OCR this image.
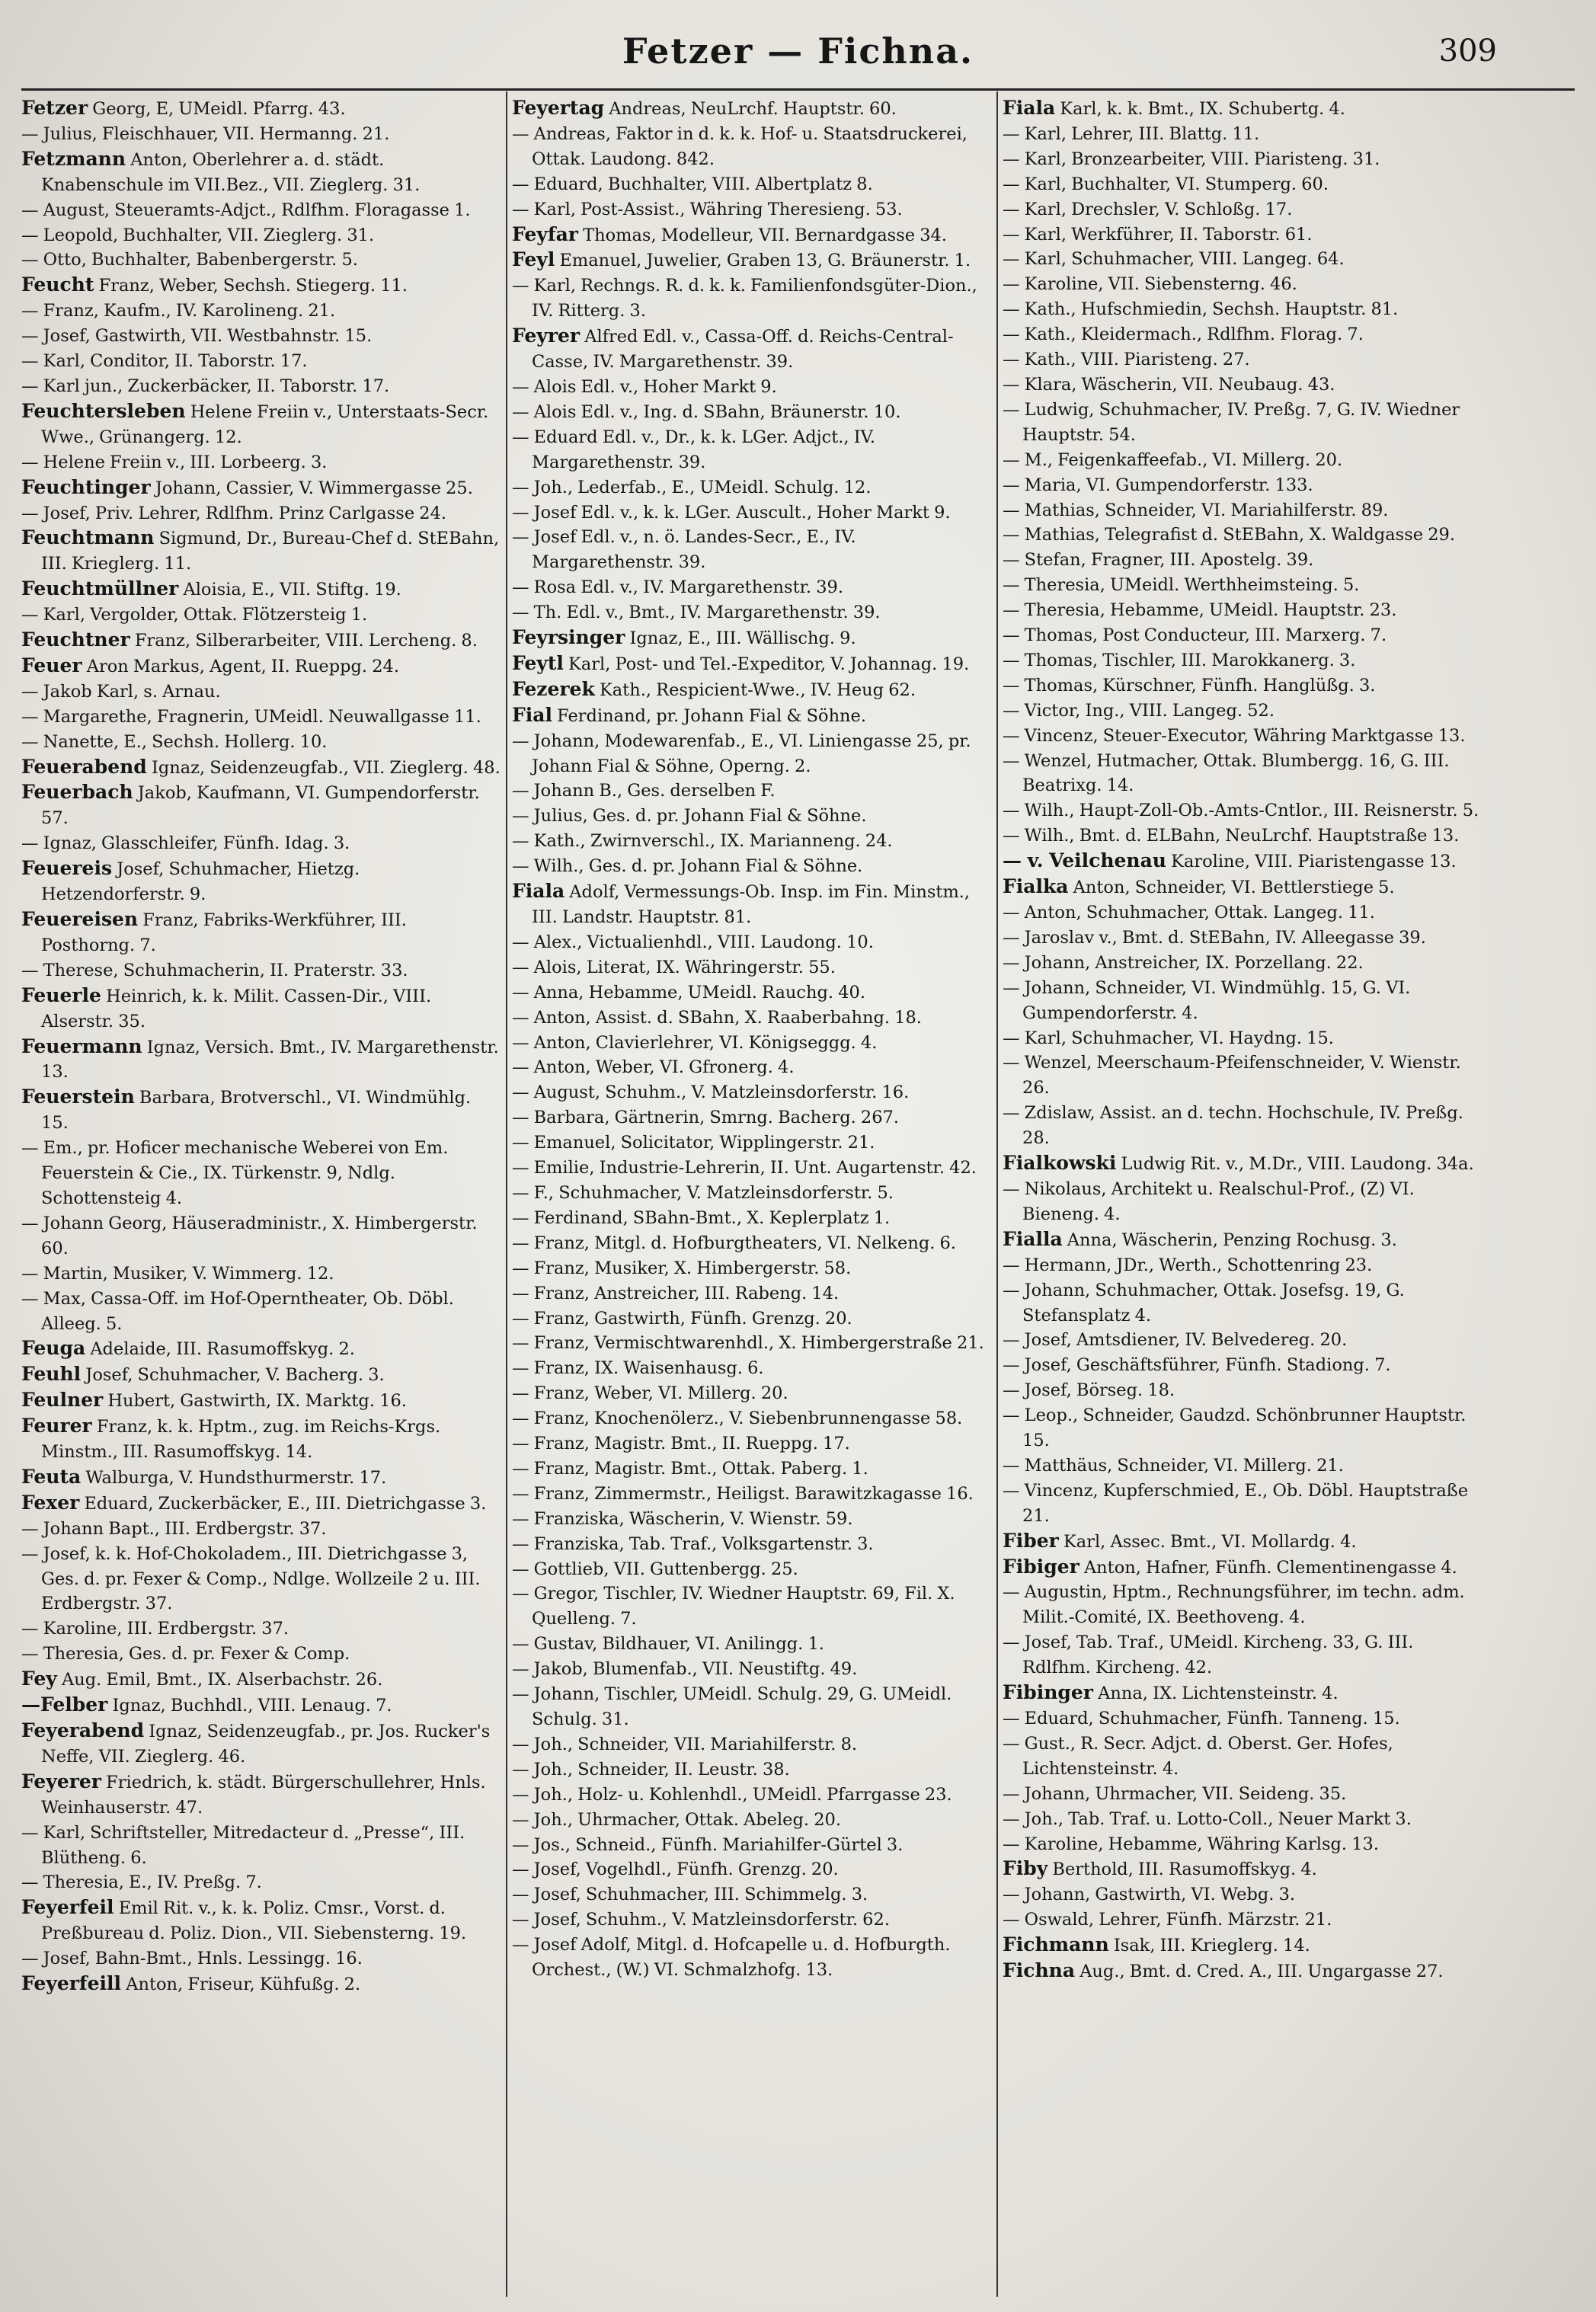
Fetzer — Fichna.	309
Fetzer Georg, E, UMeidl. Pfarrg. 43.
— Julius, Fleischhauer, VII. Hermanng. 21.
Fetzmann Anton, Oberlehrer a. d. städt. Knabenschule im VII.Bez., VII. Zieglerg. 31.
— August, Steueramts-Adjct., Rdlfhm. Floragasse 1.
— Leopold, Buchhalter, VII. Zieglerg. 31.
— Otto, Buchhalter, Babenbergerstr. 5.
Feucht Franz, Weber, Sechsh. Stiegerg. 11.
— Franz, Kaufm., IV. Karolineng. 21.
— Josef, Gastwirth, VII. Westbahnstr. 15.
— Karl, Conditor, II. Taborstr. 17.
— Karl jun., Zuckerbäcker, II. Taborstr. 17.
Feuchtersleben Helene Freiin v., Unterstaats-Secr. Wwe., Grünangerg. 12.
— Helene Freiin v., III. Lorbeerg. 3.
Feuchtinger Johann, Cassier, V. Wimmergasse 25.
— Josef, Priv. Lehrer, Rdlfhm. Prinz Carlgasse 24.
Feuchtmann Sigmund, Dr., Bureau-Chef d. StEBahn, III. Krieglerg. 11.
Feuchtmüllner Aloisia, E., VII. Stiftg. 19.
— Karl, Vergolder, Ottak. Flötzersteig 1.
Feuchtner Franz, Silberarbeiter, VIII. Lercheng. 8.
Feuer Aron Markus, Agent, II. Rueppg. 24.
— Jakob Karl, s. Arnau.
— Margarethe, Fragnerin, UMeidl. Neuwallgasse 11.
— Nanette, E., Sechsh. Hollerg. 10.
Feuerabend Ignaz, Seidenzeugfab., VII. Zieglerg. 48.
Feuerbach Jakob, Kaufmann, VI. Gumpendorferstr. 57.
— Ignaz, Glasschleifer, Fünfh. Idag. 3.
Feuereis Josef, Schuhmacher, Hietzg. Hetzendorferstr. 9.
Feuereisen Franz, Fabriks-Werkführer, III. Posthorng. 7.
— Therese, Schuhmacherin, II. Praterstr. 33.
Feuerle Heinrich, k. k. Milit. Cassen-Dir., VIII. Alserstr. 35.
Feuermann Ignaz, Versich. Bmt., IV. Margarethenstr. 13.
Feuerstein Barbara, Brotverschl., VI. Windmühlg. 15.
— Em., pr. Hoficer mechanische Weberei von Em. Feuerstein & Cie., IX. Türkenstr. 9, Ndlg. Schottensteig 4.
— Johann Georg, Häuseradministr., X. Himbergerstr. 60.
— Martin, Musiker, V. Wimmerg. 12.
— Max, Cassa-Off. im Hof-Operntheater, Ob. Döbl. Alleeg. 5.
Feuga Adelaide, III. Rasumoffskyg. 2.
Feuhl Josef, Schuhmacher, V. Bacherg. 3.
Feulner Hubert, Gastwirth, IX. Marktg. 16.
Feurer Franz, k. k. Hptm., zug. im Reichs-Krgs. Minstm., III. Rasumoffskyg. 14.
Feuta Walburga, V. Hundsthurmerstr. 17.
Fexer Eduard, Zuckerbäcker, E., III. Dietrichgasse 3.
— Johann Bapt., III. Erdbergstr. 37.
— Josef, k. k. Hof-Chokoladem., III. Dietrichgasse 3, Ges. d. pr. Fexer & Comp., Ndlge. Wollzeile 2 u. III. Erdbergstr. 37.
— Karoline, III. Erdbergstr. 37.
— Theresia, Ges. d. pr. Fexer & Comp.
Fey Aug. Emil, Bmt., IX. Alserbachstr. 26.
—Felber Ignaz, Buchhdl., VIII. Lenaug. 7.
Feyerabend Ignaz, Seidenzeugfab., pr. Jos. Rucker's Neffe, VII. Zieglerg. 46.
Feyerer Friedrich, k. städt. Bürgerschullehrer, Hnls. Weinhauserstr. 47.
— Karl, Schriftsteller, Mitredacteur d. „Presse“, III. Blütheng. 6.
— Theresia, E., IV. Preßg. 7.
Feyerfeil Emil Rit. v., k. k. Poliz. Cmsr., Vorst. d. Preßbureau d. Poliz. Dion., VII. Siebensterng. 19.
— Josef, Bahn-Bmt., Hnls. Lessingg. 16.
Feyerfeill Anton, Friseur, Kühfußg. 2.
Feyertag Andreas, NeuLrchf. Hauptstr. 60.
— Andreas, Faktor in d. k. k. Hof- u. Staatsdruckerei, Ottak. Laudong. 842.
— Eduard, Buchhalter, VIII. Albertplatz 8.
— Karl, Post-Assist., Währing Theresieng. 53.
Feyfar Thomas, Modelleur, VII. Bernardgasse 34.
Feyl Emanuel, Juwelier, Graben 13, G. Bräunerstr. 1.
— Karl, Rechngs. R. d. k. k. Familienfondsgüter-Dion., IV. Ritterg. 3.
Feyrer Alfred Edl. v., Cassa-Off. d. Reichs-Central-Casse, IV. Margarethenstr. 39.
— Alois Edl. v., Hoher Markt 9.
— Alois Edl. v., Ing. d. SBahn, Bräunerstr. 10.
— Eduard Edl. v., Dr., k. k. LGer. Adjct., IV. Margarethenstr. 39.
— Joh., Lederfab., E., UMeidl. Schulg. 12.
— Josef Edl. v., k. k. LGer. Auscult., Hoher Markt 9.
— Josef Edl. v., n. ö. Landes-Secr., E., IV. Margarethenstr. 39.
— Rosa Edl. v., IV. Margarethenstr. 39.
— Th. Edl. v., Bmt., IV. Margarethenstr. 39.
Feyrsinger Ignaz, E., III. Wällischg. 9.
Feytl Karl, Post- und Tel.-Expeditor, V. Johannag. 19.
Fezerek Kath., Respicient-Wwe., IV. Heug 62.
Fial Ferdinand, pr. Johann Fial & Söhne.
— Johann, Modewarenfab., E., VI. Liniengasse 25, pr. Johann Fial & Söhne, Operng. 2.
— Johann B., Ges. derselben F.
— Julius, Ges. d. pr. Johann Fial & Söhne.
— Kath., Zwirnverschl., IX. Marianneng. 24.
— Wilh., Ges. d. pr. Johann Fial & Söhne.
Fiala Adolf, Vermessungs-Ob. Insp. im Fin. Minstm., III. Landstr. Hauptstr. 81.
— Alex., Victualienhdl., VIII. Laudong. 10.
— Alois, Literat, IX. Währingerstr. 55.
— Anna, Hebamme, UMeidl. Rauchg. 40.
— Anton, Assist. d. SBahn, X. Raaberbahng. 18.
— Anton, Clavierlehrer, VI. Königseggg. 4.
— Anton, Weber, VI. Gfronerg. 4.
— August, Schuhm., V. Matzleinsdorferstr. 16.
— Barbara, Gärtnerin, Smrng. Bacherg. 267.
— Emanuel, Solicitator, Wipplingerstr. 21.
— Emilie, Industrie-Lehrerin, II. Unt. Augartenstr. 42.
— F., Schuhmacher, V. Matzleinsdorferstr. 5.
— Ferdinand, SBahn-Bmt., X. Keplerplatz 1.
— Franz, Mitgl. d. Hofburgtheaters, VI. Nelkeng. 6.
— Franz, Musiker, X. Himbergerstr. 58.
— Franz, Anstreicher, III. Rabeng. 14.
— Franz, Gastwirth, Fünfh. Grenzg. 20.
— Franz, Vermischtwarenhdl., X. Himbergerstraße 21.
— Franz, IX. Waisenhausg. 6.
— Franz, Weber, VI. Millerg. 20.
— Franz, Knochenölerz., V. Siebenbrunnengasse 58.
— Franz, Magistr. Bmt., II. Rueppg. 17.
— Franz, Magistr. Bmt., Ottak. Paberg. 1.
— Franz, Zimmermstr., Heiligst. Barawitzkagasse 16.
— Franziska, Wäscherin, V. Wienstr. 59.
— Franziska, Tab. Traf., Volksgartenstr. 3.
— Gottlieb, VII. Guttenbergg. 25.
— Gregor, Tischler, IV. Wiedner Hauptstr. 69, Fil. X. Quelleng. 7.
— Gustav, Bildhauer, VI. Anilingg. 1.
— Jakob, Blumenfab., VII. Neustiftg. 49.
— Johann, Tischler, UMeidl. Schulg. 29, G. UMeidl. Schulg. 31.
— Joh., Schneider, VII. Mariahilferstr. 8.
— Joh., Schneider, II. Leustr. 38.
— Joh., Holz- u. Kohlenhdl., UMeidl. Pfarrgasse 23.
— Joh., Uhrmacher, Ottak. Abeleg. 20.
— Jos., Schneid., Fünfh. Mariahilfer-Gürtel 3.
— Josef, Vogelhdl., Fünfh. Grenzg. 20.
— Josef, Schuhmacher, III. Schimmelg. 3.
— Josef, Schuhm., V. Matzleinsdorferstr. 62.
— Josef Adolf, Mitgl. d. Hofcapelle u. d. Hofburgth. Orchest., (W.) VI. Schmalzhofg. 13.
Fiala Karl, k. k. Bmt., IX. Schubertg. 4.
— Karl, Lehrer, III. Blattg. 11.
— Karl, Bronzearbeiter, VIII. Piaristeng. 31.
— Karl, Buchhalter, VI. Stumperg. 60.
— Karl, Drechsler, V. Schloßg. 17.
— Karl, Werkführer, II. Taborstr. 61.
— Karl, Schuhmacher, VIII. Langeg. 64.
— Karoline, VII. Siebensterng. 46.
— Kath., Hufschmiedin, Sechsh. Hauptstr. 81.
— Kath., Kleidermach., Rdlfhm. Florag. 7.
— Kath., VIII. Piaristeng. 27.
— Klara, Wäscherin, VII. Neubaug. 43.
— Ludwig, Schuhmacher, IV. Preßg. 7, G. IV. Wiedner Hauptstr. 54.
— M., Feigenkaffeefab., VI. Millerg. 20.
— Maria, VI. Gumpendorferstr. 133.
— Mathias, Schneider, VI. Mariahilferstr. 89.
— Mathias, Telegrafist d. StEBahn, X. Waldgasse 29.
— Stefan, Fragner, III. Apostelg. 39.
— Theresia, UMeidl. Werthheimsteing. 5.
— Theresia, Hebamme, UMeidl. Hauptstr. 23.
— Thomas, Post Conducteur, III. Marxerg. 7.
— Thomas, Tischler, III. Marokkanerg. 3.
— Thomas, Kürschner, Fünfh. Hanglüßg. 3.
— Victor, Ing., VIII. Langeg. 52.
— Vincenz, Steuer-Executor, Währing Marktgasse 13.
— Wenzel, Hutmacher, Ottak. Blumbergg. 16, G. III. Beatrixg. 14.
— Wilh., Haupt-Zoll-Ob.-Amts-Cntlor., III. Reisnerstr. 5.
— Wilh., Bmt. d. ELBahn, NeuLrchf. Hauptstraße 13.
— v. Veilchenau Karoline, VIII. Piaristengasse 13.
Fialka Anton, Schneider, VI. Bettlerstiege 5.
— Anton, Schuhmacher, Ottak. Langeg. 11.
— Jaroslav v., Bmt. d. StEBahn, IV. Alleegasse 39.
— Johann, Anstreicher, IX. Porzellang. 22.
— Johann, Schneider, VI. Windmühlg. 15, G. VI. Gumpendorferstr. 4.
— Karl, Schuhmacher, VI. Haydng. 15.
— Wenzel, Meerschaum-Pfeifenschneider, V. Wienstr. 26.
— Zdislaw, Assist. an d. techn. Hochschule, IV. Preßg. 28.
Fialkowski Ludwig Rit. v., M.Dr., VIII. Laudong. 34a.
— Nikolaus, Architekt u. Realschul-Prof., (Z) VI. Bieneng. 4.
Fialla Anna, Wäscherin, Penzing Rochusg. 3.
— Hermann, JDr., Werth., Schottenring 23.
— Johann, Schuhmacher, Ottak. Josefsg. 19, G. Stefansplatz 4.
— Josef, Amtsdiener, IV. Belvedereg. 20.
— Josef, Geschäftsführer, Fünfh. Stadiong. 7.
— Josef, Börseg. 18.
— Leop., Schneider, Gaudzd. Schönbrunner Hauptstr. 15.
— Matthäus, Schneider, VI. Millerg. 21.
— Vincenz, Kupferschmied, E., Ob. Döbl. Hauptstraße 21.
Fiber Karl, Assec. Bmt., VI. Mollardg. 4.
Fibiger Anton, Hafner, Fünfh. Clementinengasse 4.
— Augustin, Hptm., Rechnungsführer, im techn. adm. Milit.-Comité, IX. Beethoveng. 4.
— Josef, Tab. Traf., UMeidl. Kircheng. 33, G. III. Rdlfhm. Kircheng. 42.
Fibinger Anna, IX. Lichtensteinstr. 4.
— Eduard, Schuhmacher, Fünfh. Tanneng. 15.
— Gust., R. Secr. Adjct. d. Oberst. Ger. Hofes, Lichtensteinstr. 4.
— Johann, Uhrmacher, VII. Seideng. 35.
— Joh., Tab. Traf. u. Lotto-Coll., Neuer Markt 3.
— Karoline, Hebamme, Währing Karlsg. 13.
Fiby Berthold, III. Rasumoffskyg. 4.
— Johann, Gastwirth, VI. Webg. 3.
— Oswald, Lehrer, Fünfh. Märzstr. 21.
Fichmann Isak, III. Krieglerg. 14.
Fichna Aug., Bmt. d. Cred. A., III. Ungargasse 27.
